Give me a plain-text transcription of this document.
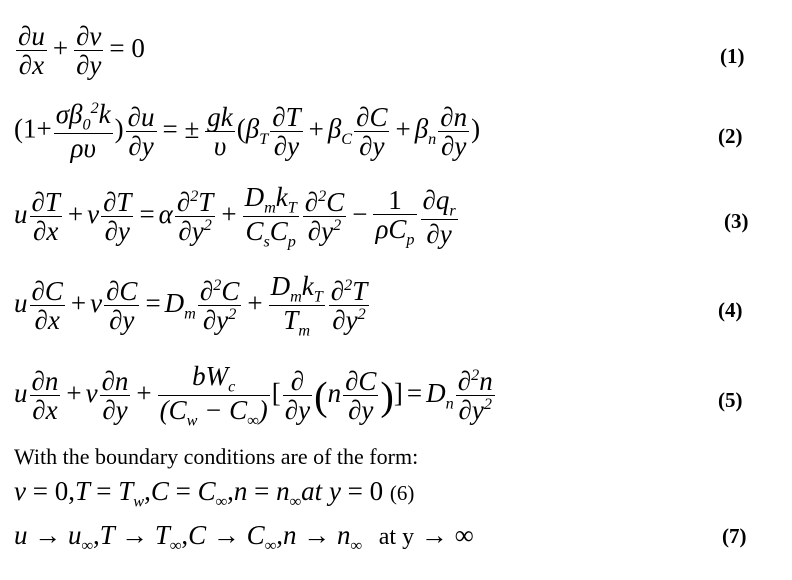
$\frac{\partial u}{\partial x} + \frac{\partial v}{\partial y} = 0$	(1)
($1+ \frac{\sigma\beta_0^2k}{\rho\upsilon}$ ) $\frac{\partial u}{\partial y}$ = ± $\frac{gk}{\upsilon} (\beta_T \frac{\partial T}{\partial y} + \beta_C \frac{\partial C}{\partial y} + \beta_n \frac{\partial n}{\partial y}$ )	(2)
u $\frac{\partial T}{\partial x} + v \frac{\partial T}{\partial y} = \alpha \frac{\partial^2T}{\partial y^2} + \frac{D_mk_T}{C_sC_p} \frac{\partial^2C}{\partial y^2} - \frac{1}{\rho C_p} \frac{\partial q_r}{\partial y}$	(3)
u $\frac{\partial C}{\partial x} + v \frac{\partial C}{\partial y} = D_m \frac{\partial^2C}{\partial y^2} + \frac{D_mk_T}{T_m} \frac{\partial^2T}{\partial y^2}$	(4)
u $\frac{\partial n}{\partial x} + v \frac{\partial n}{\partial y} + \frac{bW_c}{(C_w - C_\infty)}$ [ $\frac{\partial}{\partial y} (n \frac{\partial C}{\partial y}$ )] = $D_n \frac{\partial^2n}{\partial y^2}$	(5)
With the boundary conditions are of the form:
$v = 0,T = T_w,C = C_\infty,n = n_\infty at$ y = 0 (6)
$u \to u_\infty,T \to T_\infty,C \to C_\infty,n \to n_\infty$ at y → ∞	(7)
